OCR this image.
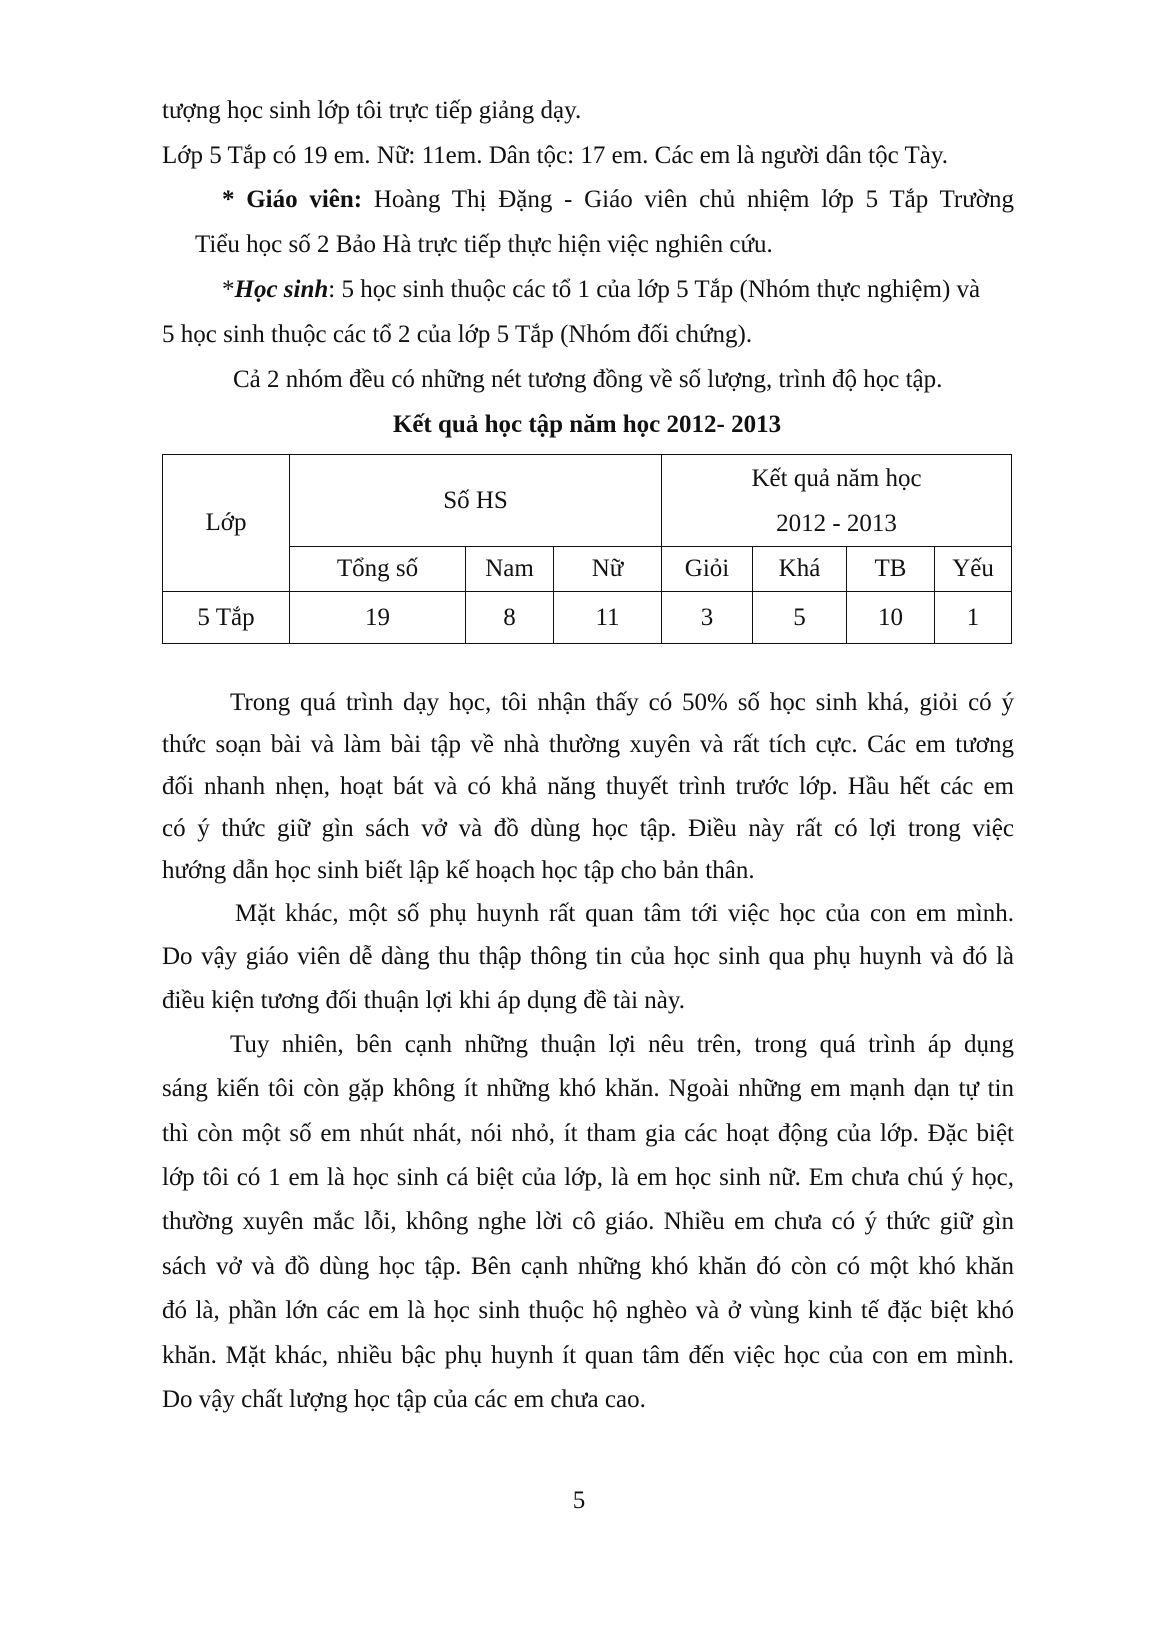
tượng học sinh lớp tôi trực tiếp giảng dạy.
Lớp 5 Tắp có 19 em. Nữ: 11em. Dân tộc: 17 em. Các em là người dân tộc Tày.
* Giáo viên: Hoàng Thị Đặng - Giáo viên chủ nhiệm lớp 5 Tắp Trường
Tiểu học số 2 Bảo Hà trực tiếp thực hiện việc nghiên cứu.
*Học sinh: 5 học sinh thuộc các tổ 1 của lớp 5 Tắp (Nhóm thực nghiệm) và
5 học sinh thuộc các tổ 2 của lớp 5 Tắp (Nhóm đối chứng).
Cả 2 nhóm đều có những nét tương đồng về số lượng, trình độ học tập.
Kết quả học tập năm học 2012- 2013
Lớp	Số HS			Kết quả năm học
2012 - 2013			

	Tổng số	Nam	Nữ	Giỏi	Khá	TB	Yếu
5 Tắp	19	8	11	3	5	10	1
Trong quá trình dạy học, tôi nhận thấy có 50% số học sinh khá, giỏi có ý
thức soạn bài và làm bài tập về nhà thường xuyên và rất tích cực. Các em tương
đối nhanh nhẹn, hoạt bát và có khả năng thuyết trình trước lớp. Hầu hết các em
có ý thức giữ gìn sách vở và đồ dùng học tập. Điều này rất có lợi trong việc
hướng dẫn học sinh biết lập kế hoạch học tập cho bản thân.
Mặt khác, một số phụ huynh rất quan tâm tới việc học của con em mình.
Do vậy giáo viên dễ dàng thu thập thông tin của học sinh qua phụ huynh và đó là
điều kiện tương đối thuận lợi khi áp dụng đề tài này.
Tuy nhiên, bên cạnh những thuận lợi nêu trên, trong quá trình áp dụng
sáng kiến tôi còn gặp không ít những khó khăn. Ngoài những em mạnh dạn tự tin
thì còn một số em nhút nhát, nói nhỏ, ít tham gia các hoạt động của lớp. Đặc biệt
lớp tôi có 1 em là học sinh cá biệt của lớp, là em học sinh nữ. Em chưa chú ý học,
thường xuyên mắc lỗi, không nghe lời cô giáo. Nhiều em chưa có ý thức giữ gìn
sách vở và đồ dùng học tập. Bên cạnh những khó khăn đó còn có một khó khăn
đó là, phần lớn các em là học sinh thuộc hộ nghèo và ở vùng kinh tế đặc biệt khó
khăn. Mặt khác, nhiều bậc phụ huynh ít quan tâm đến việc học của con em mình.
Do vậy chất lượng học tập của các em chưa cao.
5
